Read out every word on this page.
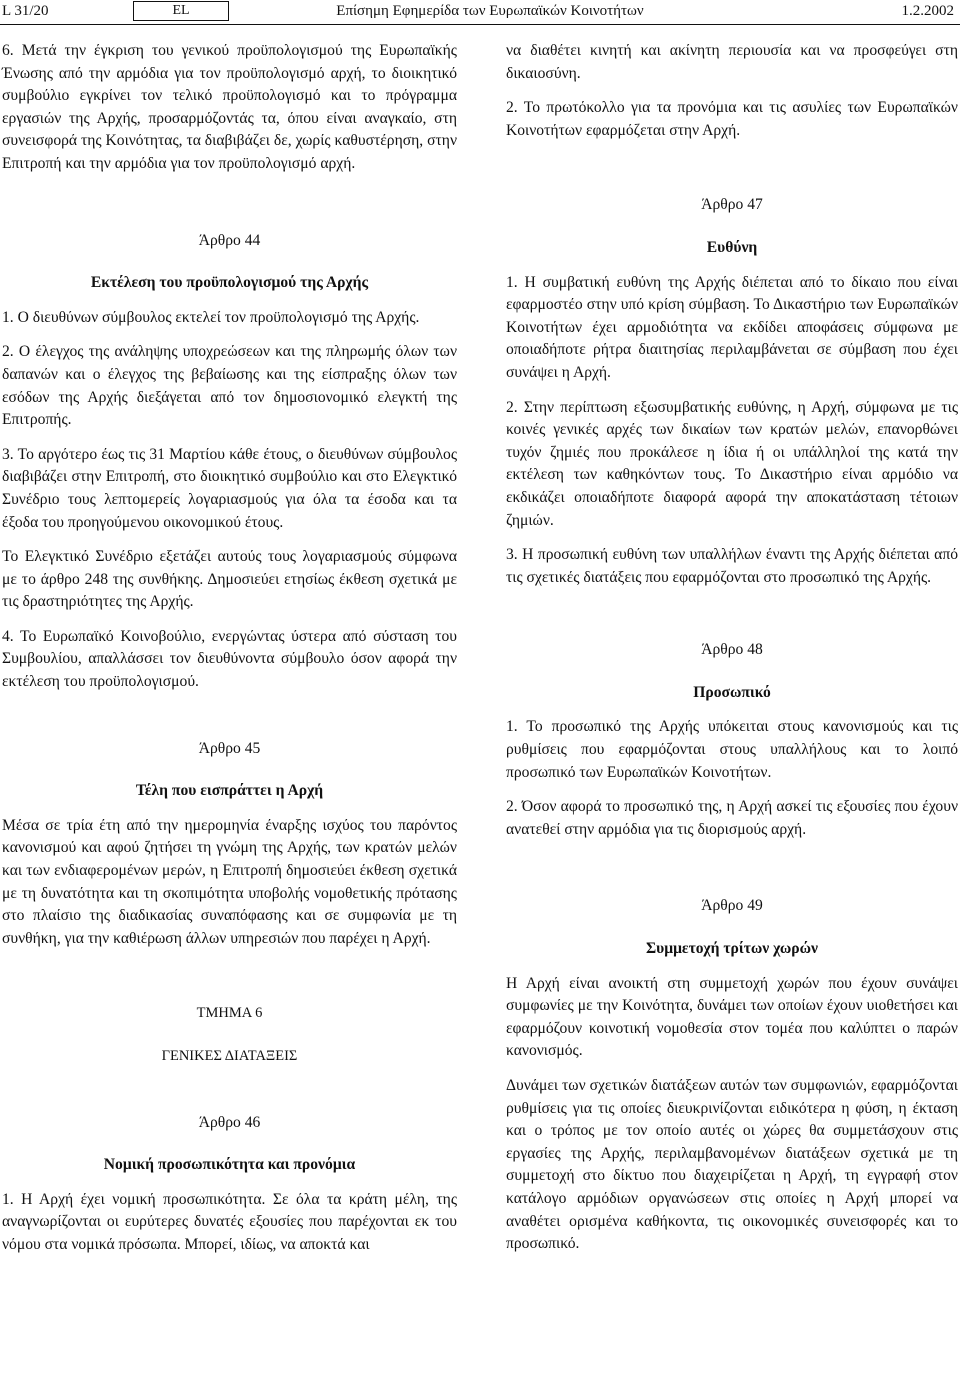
L 31/20	EL	Επίσημη Εφημερίδα των Ευρωπαϊκών Κοινοτήτων	1.2.2002

6. Μετά την έγκριση του γενικού προϋπολογισμού της Ευρωπαϊκής Ένωσης από την αρμόδια για τον προϋπολογισμό αρχή, το διοικητικό συμβούλιο εγκρίνει τον τελικό προϋπολογισμό και το πρόγραμμα εργασιών της Αρχής, προσαρμόζοντάς τα, όπου είναι αναγκαίο, στη συνεισφορά της Κοινότητας, τα διαβιβάζει δε, χωρίς καθυστέρηση, στην Επιτροπή και την αρμόδια για τον προϋπολογισμό αρχή.

Άρθρο 44
Εκτέλεση του προϋπολογισμού της Αρχής

1. Ο διευθύνων σύμβουλος εκτελεί τον προϋπολογισμό της Αρχής.

2. Ο έλεγχος της ανάληψης υποχρεώσεων και της πληρωμής όλων των δαπανών και ο έλεγχος της βεβαίωσης και της είσπραξης όλων των εσόδων της Αρχής διεξάγεται από τον δημοσιονομικό ελεγκτή της Επιτροπής.

3. Το αργότερο έως τις 31 Μαρτίου κάθε έτους, ο διευθύνων σύμβουλος διαβιβάζει στην Επιτροπή, στο διοικητικό συμβούλιο και στο Ελεγκτικό Συνέδριο τους λεπτομερείς λογαριασμούς για όλα τα έσοδα και τα έξοδα του προηγούμενου οικονομικού έτους.

Το Ελεγκτικό Συνέδριο εξετάζει αυτούς τους λογαριασμούς σύμφωνα με το άρθρο 248 της συνθήκης. Δημοσιεύει ετησίως έκθεση σχετικά με τις δραστηριότητες της Αρχής.

4. Το Ευρωπαϊκό Κοινοβούλιο, ενεργώντας ύστερα από σύσταση του Συμβουλίου, απαλλάσσει τον διευθύνοντα σύμβουλο όσον αφορά την εκτέλεση του προϋπολογισμού.

Άρθρο 45
Τέλη που εισπράττει η Αρχή

Μέσα σε τρία έτη από την ημερομηνία έναρξης ισχύος του παρόντος κανονισμού και αφού ζητήσει τη γνώμη της Αρχής, των κρατών μελών και των ενδιαφερομένων μερών, η Επιτροπή δημοσιεύει έκθεση σχετικά με τη δυνατότητα και τη σκοπιμότητα υποβολής νομοθετικής πρότασης στο πλαίσιο της διαδικασίας συναπόφασης και σε συμφωνία με τη συνθήκη, για την καθιέρωση άλλων υπηρεσιών που παρέχει η Αρχή.

ΤΜΗΜΑ 6
ΓΕΝΙΚΕΣ ΔΙΑΤΑΞΕΙΣ
Άρθρο 46
Νομική προσωπικότητα και προνόμια

1. Η Αρχή έχει νομική προσωπικότητα. Σε όλα τα κράτη μέλη, της αναγνωρίζονται οι ευρύτερες δυνατές εξουσίες που παρέχονται εκ του νόμου στα νομικά πρόσωπα. Μπορεί, ιδίως, να αποκτά και

να διαθέτει κινητή και ακίνητη περιουσία και να προσφεύγει στη δικαιοσύνη.

2. Το πρωτόκολλο για τα προνόμια και τις ασυλίες των Ευρωπαϊκών Κοινοτήτων εφαρμόζεται στην Αρχή.

Άρθρο 47
Ευθύνη

1. Η συμβατική ευθύνη της Αρχής διέπεται από το δίκαιο που είναι εφαρμοστέο στην υπό κρίση σύμβαση. Το Δικαστήριο των Ευρωπαϊκών Κοινοτήτων έχει αρμοδιότητα να εκδίδει αποφάσεις σύμφωνα με οποιαδήποτε ρήτρα διαιτησίας περιλαμβάνεται σε σύμβαση που έχει συνάψει η Αρχή.

2. Στην περίπτωση εξωσυμβατικής ευθύνης, η Αρχή, σύμφωνα με τις κοινές γενικές αρχές των δικαίων των κρατών μελών, επανορθώνει τυχόν ζημιές που προκάλεσε η ίδια ή οι υπάλληλοί της κατά την εκτέλεση των καθηκόντων τους. Το Δικαστήριο είναι αρμόδιο να εκδικάζει οποιαδήποτε διαφορά αφορά την αποκατάσταση τέτοιων ζημιών.

3. Η προσωπική ευθύνη των υπαλλήλων έναντι της Αρχής διέπεται από τις σχετικές διατάξεις που εφαρμόζονται στο προσωπικό της Αρχής.

Άρθρο 48
Προσωπικό

1. Το προσωπικό της Αρχής υπόκειται στους κανονισμούς και τις ρυθμίσεις που εφαρμόζονται στους υπαλλήλους και το λοιπό προσωπικό των Ευρωπαϊκών Κοινοτήτων.

2. Όσον αφορά το προσωπικό της, η Αρχή ασκεί τις εξουσίες που έχουν ανατεθεί στην αρμόδια για τις διορισμούς αρχή.

Άρθρο 49
Συμμετοχή τρίτων χωρών

Η Αρχή είναι ανοικτή στη συμμετοχή χωρών που έχουν συνάψει συμφωνίες με την Κοινότητα, δυνάμει των οποίων έχουν υιοθετήσει και εφαρμόζουν κοινοτική νομοθεσία στον τομέα που καλύπτει ο παρών κανονισμός.

Δυνάμει των σχετικών διατάξεων αυτών των συμφωνιών, εφαρμόζονται ρυθμίσεις για τις οποίες διευκρινίζονται ειδικότερα η φύση, η έκταση και ο τρόπος με τον οποίο αυτές οι χώρες θα συμμετάσχουν στις εργασίες της Αρχής, περιλαμβανομένων διατάξεων σχετικά με τη συμμετοχή στο δίκτυο που διαχειρίζεται η Αρχή, τη εγγραφή στον κατάλογο αρμόδιων οργανώσεων στις οποίες η Αρχή μπορεί να αναθέτει ορισμένα καθήκοντα, τις οικονομικές συνεισφορές και το προσωπικό.
